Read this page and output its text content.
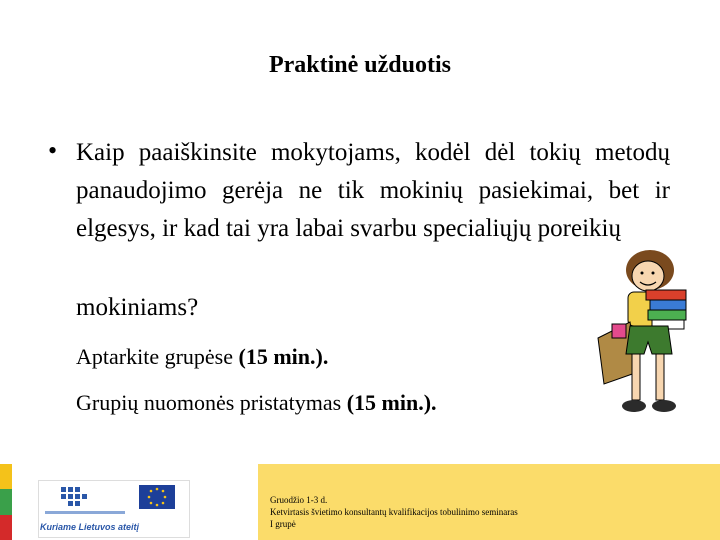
Praktinė užduotis
• Kaip paaiškinsite mokytojams, kodėl dėl tokių metodų panaudojimo gerėja ne tik mokinių pasiekimai, bet ir elgesys, ir kad tai yra labai svarbu specialiųjų poreikių
mokiniams?
Aptarkite grupėse (15 min.).
Grupių nuomonės pristatymas (15 min.).
Kuriame Lietuvos ateitį
Gruodžio 1-3 d.
Ketvirtasis švietimo konsultantų kvalifikacijos tobulinimo seminaras
I grupė
